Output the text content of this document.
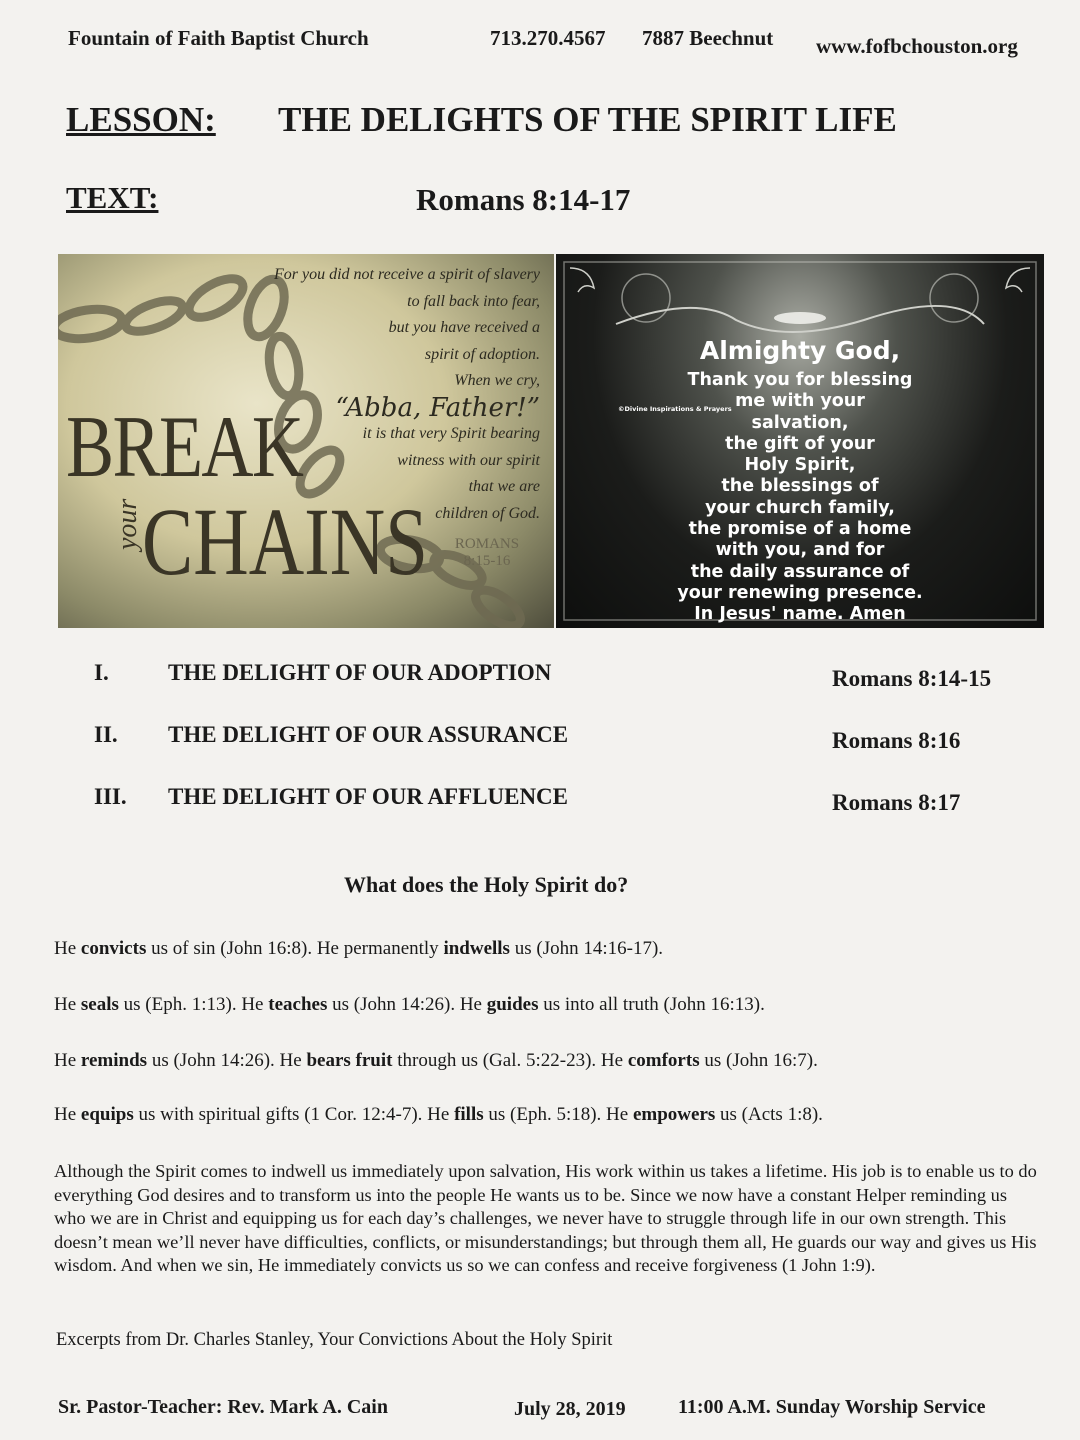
Fountain of Faith Baptist Church	713.270.4567 7887 Beechnut www.fofbchouston.org
LESSON: THE DELIGHTS OF THE SPIRIT LIFE
TEXT:	Romans 8:14-17
For you did not receive a spirit of slavery
to fall back into fear,
but you have received a
spirit of adoption.
When we cry,
“Abba, Father!”
it is that very Spirit bearing
witness with our spirit
that we are
children of God.
BREAK
your CHAINS	ROMANS
8:15-16
Almighty God,
Thank you for blessing
me with your
salvation,
the gift of your
Holy Spirit,
the blessings of
your church family,
the promise of a home
with you, and for
the daily assurance of
your renewing presence.
In Jesus' name. Amen
©Divine Inspirations & Prayers
I.	THE DELIGHT OF OUR ADOPTION	Romans 8:14-15
II. THE DELIGHT OF OUR ASSURANCE	Romans 8:16
III. THE DELIGHT OF OUR AFFLUENCE	Romans 8:17
What does the Holy Spirit do?
He convicts us of sin (John 16:8). He permanently indwells us (John 14:16-17).
He seals us (Eph. 1:13). He teaches us (John 14:26). He guides us into all truth (John 16:13).
He reminds us (John 14:26). He bears fruit through us (Gal. 5:22-23). He comforts us (John 16:7).
He equips us with spiritual gifts (1 Cor. 12:4-7). He fills us (Eph. 5:18). He empowers us (Acts 1:8).
Although the Spirit comes to indwell us immediately upon salvation, His work within us takes a lifetime. His job is to enable us to do everything God desires and to transform us into the people He wants us to be. Since we now have a constant Helper reminding us who we are in Christ and equipping us for each day’s challenges, we never have to struggle through life in our own strength. This doesn’t mean we’ll never have difficulties, conflicts, or misunderstandings; but through them all, He guards our way and gives us His wisdom. And when we sin, He immediately convicts us so we can confess and receive forgiveness (1 John 1:9).
Excerpts from Dr. Charles Stanley, Your Convictions About the Holy Spirit
Sr. Pastor-Teacher: Rev. Mark A. Cain	July 28, 2019	11:00 A.M. Sunday Worship Service
